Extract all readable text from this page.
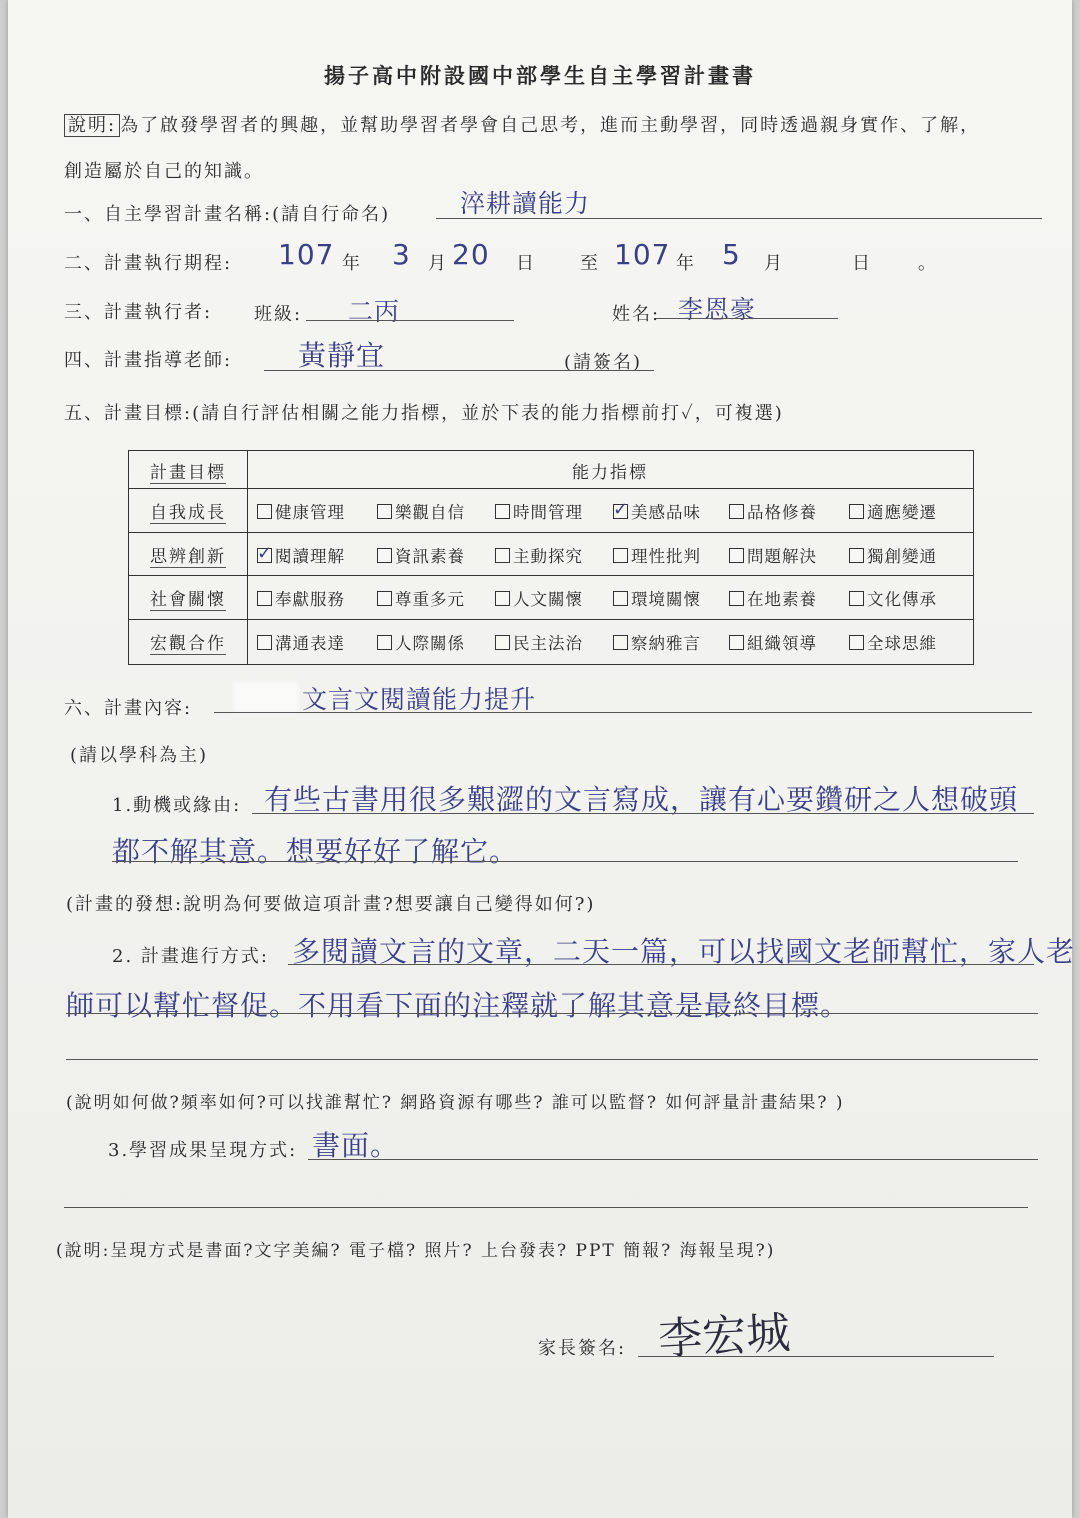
揚子高中附設國中部學生自主學習計畫書
說明: 為了啟發學習者的興趣，並幫助學習者學會自己思考，進而主動學習，同時透過親身實作、了解，
創造屬於自己的知識。
一、自主學習計畫名稱:(請自行命名)	淬耕讀能力
二、計畫執行期程: 107 年 3 月 20 日 至 107 年 5 月	日	。
三、計畫執行者: 班級: 二丙	姓名: 李恩豪
四、計畫指導老師: 黃靜宜	(請簽名)
五、計畫目標:(請自行評估相關之能力指標，並於下表的能力指標前打✓，可複選)
計畫目標	能力指標
自我成長	健康管理	樂觀自信	時間管理 ✓ 美感品味	品格修養	適應變遷
思辨創新	✓ 閱讀理解	資訊素養	主動探究	理性批判	問題解決	獨創變通
社會關懷	奉獻服務	尊重多元	人文關懷	環境關懷	在地素養	文化傳承
宏觀合作	溝通表達	人際關係	民主法治	察納雅言	組織領導	全球思維
六、計畫內容:	文言文閱讀能力提升
(請以學科為主)
1.動機或緣由: 有些古書用很多艱澀的文言寫成，讓有心要鑽研之人想破頭
都不解其意。想要好好了解它。
(計畫的發想:說明為何要做這項計畫?想要讓自己變得如何?)
2. 計畫進行方式: 多閱讀文言的文章，二天一篇，可以找國文老師幫忙，家人老
師可以幫忙督促。不用看下面的注釋就了解其意是最終目標。
(說明如何做?頻率如何?可以找誰幫忙? 網路資源有哪些? 誰可以監督? 如何評量計畫結果? )
3.學習成果呈現方式: 書面。
(說明:呈現方式是書面?文字美編? 電子檔? 照片? 上台發表? PPT 簡報? 海報呈現?)
家長簽名: 李宏城
